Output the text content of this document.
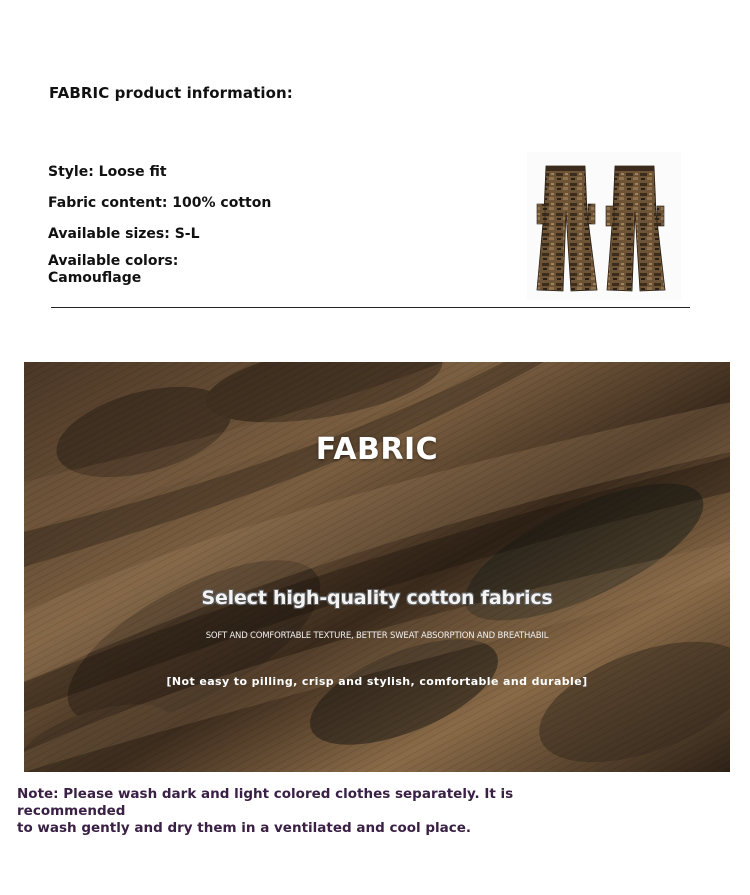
FABRIC product information:
Style: Loose fit
Fabric content: 100% cotton
Available sizes: S-L
Available colors:
Camouflage
FABRIC
Select high-quality cotton fabrics
SOFT AND COMFORTABLE TEXTURE, BETTER SWEAT ABSORPTION AND BREATHABIL
[Not easy to pilling, crisp and stylish, comfortable and durable]
Note: Please wash dark and light colored clothes separately. It is recommended
to wash gently and dry them in a ventilated and cool place.
